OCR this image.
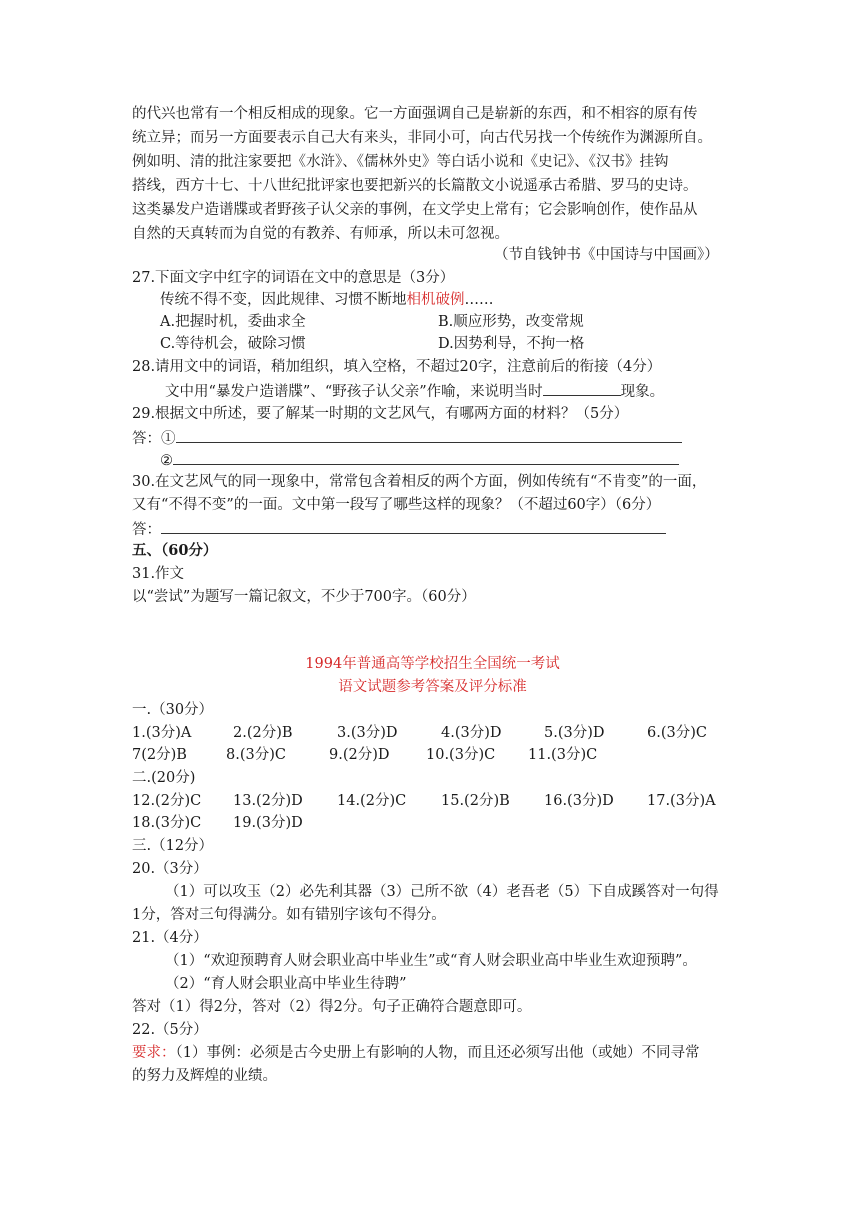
的代兴也常有一个相反相成的现象。它一方面强调自己是崭新的东西，和不相容的原有传
统立异；而另一方面要表示自己大有来头，非同小可，向古代另找一个传统作为渊源所自。
例如明、清的批注家要把《水浒》、《儒林外史》等白话小说和《史记》、《汉书》挂钩
搭线，西方十七、十八世纪批评家也要把新兴的长篇散文小说遥承古希腊、罗马的史诗。
这类暴发户造谱牒或者野孩子认父亲的事例，在文学史上常有；它会影响创作，使作品从
自然的天真转而为自觉的有教养、有师承，所以未可忽视。
（节自钱钟书《中国诗与中国画》）
27.下面文字中红字的词语在文中的意思是（3分）
传统不得不变，因此规律、习惯不断地相机破例……
A.把握时机，委曲求全	B.顺应形势，改变常规
C.等待机会，破除习惯	D.因势利导，不拘一格
28.请用文中的词语，稍加组织，填入空格，不超过20字，注意前后的衔接（4分）
文中用“暴发户造谱牒”、“野孩子认父亲”作喻，来说明当时	现象。
29.根据文中所述，要了解某一时期的文艺风气，有哪两方面的材料？（5分）
答：①
②
30.在文艺风气的同一现象中，常常包含着相反的两个方面，例如传统有“不肯变”的一面，
又有“不得不变”的一面。文中第一段写了哪些这样的现象？（不超过60字）（6分）
答：
五、（60分）
31.作文
以“尝试”为题写一篇记叙文，不少于700字。（60分）
1994年普通高等学校招生全国统一考试
语文试题参考答案及评分标准
一.（30分）
1.(3分)A	2.(2分)B	3.(3分)D	4.(3分)D	5.(3分)D	6.(3分)C
7(2分)B	8.(3分)C	9.(2分)D	10.(3分)C 11.(3分)C
二.(20分)
12.(2分)C 13.(2分)D 14.(2分)C 15.(2分)B 16.(3分)D 17.(3分)A
18.(3分)C 19.(3分)D
三.（12分）
20.（3分）
（1）可以攻玉（2）必先利其器（3）己所不欲（4）老吾老（5）下自成蹊答对一句得
1分，答对三句得满分。如有错别字该句不得分。
21.（4分）
（1）“欢迎预聘育人财会职业高中毕业生”或“育人财会职业高中毕业生欢迎预聘”。
（2）“育人财会职业高中毕业生待聘”
答对（1）得2分，答对（2）得2分。句子正确符合题意即可。
22.（5分）
要求：（1）事例：必须是古今史册上有影响的人物，而且还必须写出他（或她）不同寻常
的努力及辉煌的业绩。
